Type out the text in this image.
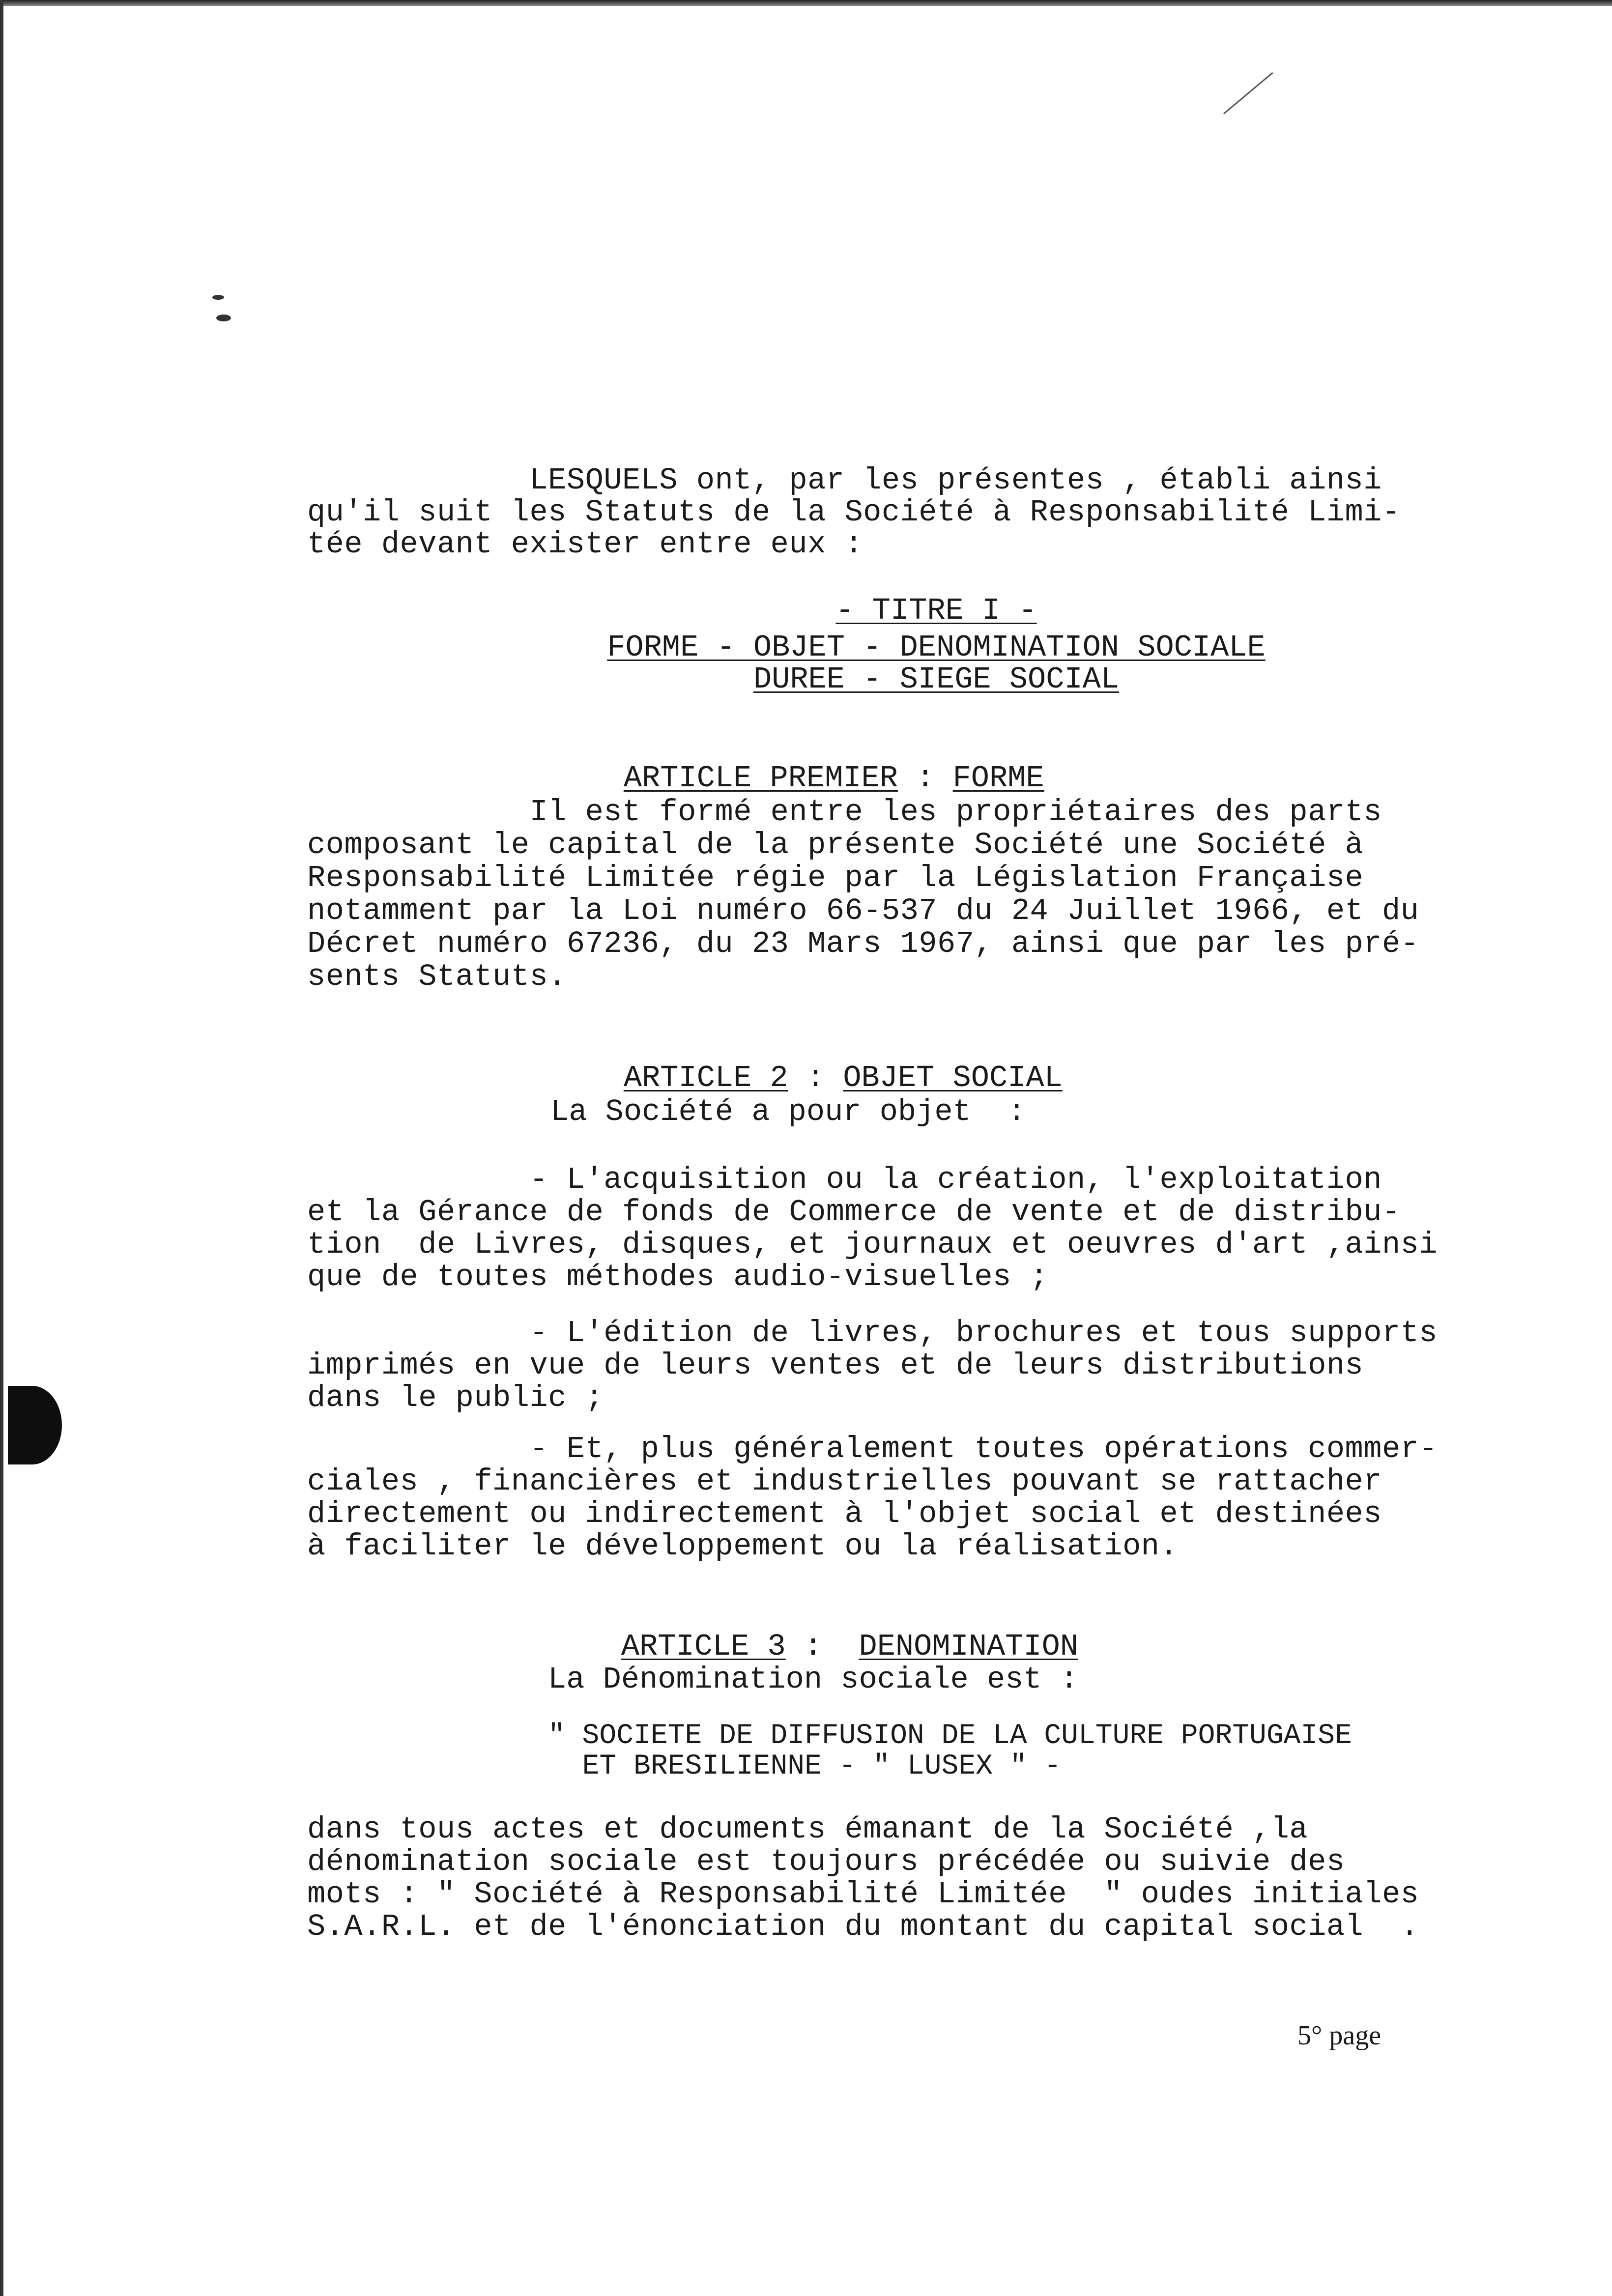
LESQUELS ont, par les présentes , établi ainsi
qu'il suit les Statuts de la Société à Responsabilité Limi-
tée devant exister entre eux :
- TITRE I -
FORME - OBJET - DENOMINATION SOCIALE
DUREE - SIEGE SOCIAL

ARTICLE PREMIER : FORME

Il est formé entre les propriétaires des parts
composant le capital de la présente Société une Société à
Responsabilité Limitée régie par la Législation Française
notamment par la Loi numéro 66-537 du 24 Juillet 1966, et du
Décret numéro 67236, du 23 Mars 1967, ainsi que par les pré-
sents Statuts.

ARTICLE 2 : OBJET SOCIAL

La Société a pour objet  :
- L'acquisition ou la création, l'exploitation
et la Gérance de fonds de Commerce de vente et de distribu-
tion  de Livres, disques, et journaux et oeuvres d'art ,ainsi
que de toutes méthodes audio-visuelles ;
- L'édition de livres, brochures et tous supports
imprimés en vue de leurs ventes et de leurs distributions
dans le public ;
- Et, plus généralement toutes opérations commer-
ciales , financières et industrielles pouvant se rattacher
directement ou indirectement à l'objet social et destinées
à faciliter le développement ou la réalisation.

ARTICLE 3 :  DENOMINATION

La Dénomination sociale est :
" SOCIETE DE DIFFUSION DE LA CULTURE PORTUGAISE
ET BRESILIENNE - " LUSEX " -
dans tous actes et documents émanant de la Société ,la
dénomination sociale est toujours précédée ou suivie des
mots : " Société à Responsabilité Limitée  " oudes initiales
S.A.R.L. et de l'énonciation du montant du capital social  .
5° page
